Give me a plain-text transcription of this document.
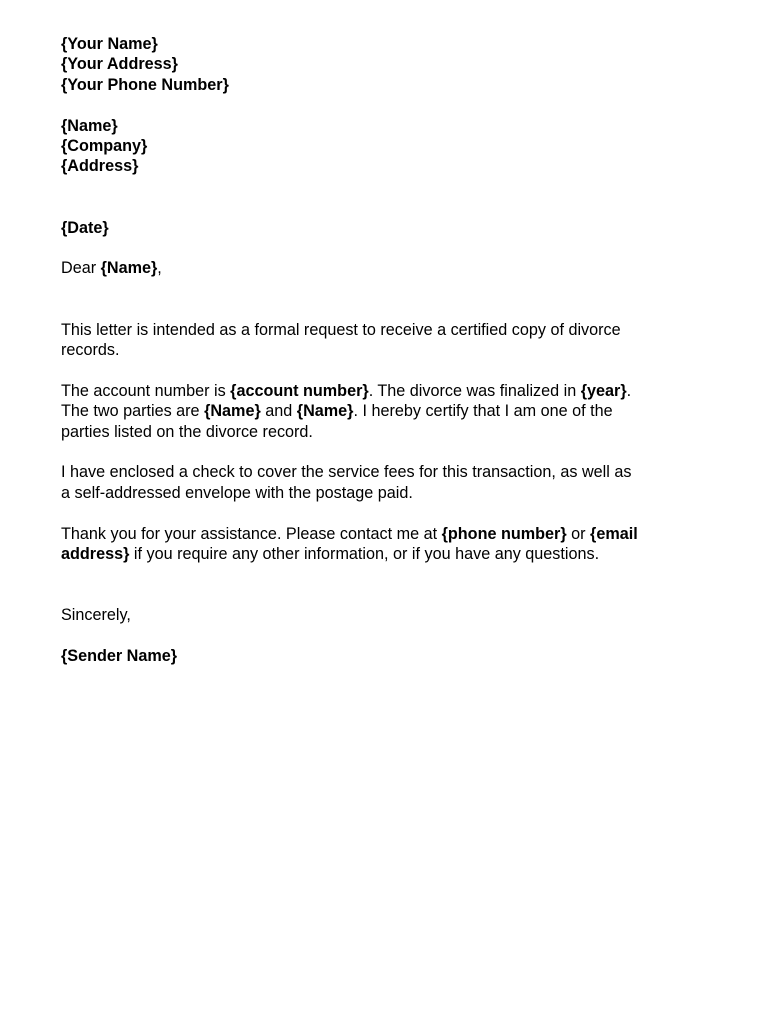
{Your Name}
{Your Address}
{Your Phone Number}
{Name}
{Company}
{Address}
{Date}
Dear {Name},
This letter is intended as a formal request to receive a certified copy of divorce
records.
The account number is {account number}. The divorce was finalized in {year}.
The two parties are {Name} and {Name}. I hereby certify that I am one of the
parties listed on the divorce record.
I have enclosed a check to cover the service fees for this transaction, as well as
a self-addressed envelope with the postage paid.
Thank you for your assistance. Please contact me at {phone number} or {email
address} if you require any other information, or if you have any questions.
Sincerely,
{Sender Name}
